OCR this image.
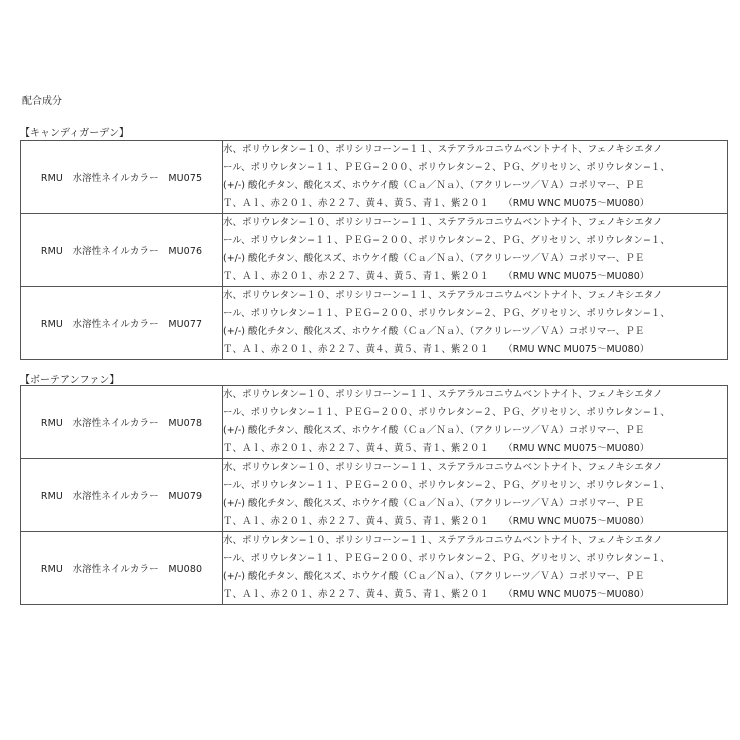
配合成分
【キャンディガーデン】
RMU　水溶性ネイルカラー　MU075	水、ポリウレタン−１０、ポリシリコーン−１１、ステアラルコニウムベントナイト、フェノキシエタノ
ール、ポリウレタン−１１、ＰＥＧ−２００、ポリウレタン−２、ＰＧ、グリセリン、ポリウレタン−１、
(+/-) 酸化チタン、酸化スズ、ホウケイ酸（Ｃａ／Ｎａ）、（アクリレーツ／ＶＡ）コポリマー、ＰＥ
Ｔ、Ａｌ、赤２０１、赤２２７、黄４、黄５、青１、紫２０１　　（RMU WNC MU075〜MU080）

RMU　水溶性ネイルカラー　MU076	水、ポリウレタン−１０、ポリシリコーン−１１、ステアラルコニウムベントナイト、フェノキシエタノ
ール、ポリウレタン−１１、ＰＥＧ−２００、ポリウレタン−２、ＰＧ、グリセリン、ポリウレタン−１、
(+/-) 酸化チタン、酸化スズ、ホウケイ酸（Ｃａ／Ｎａ）、（アクリレーツ／ＶＡ）コポリマー、ＰＥ
Ｔ、Ａｌ、赤２０１、赤２２７、黄４、黄５、青１、紫２０１　　（RMU WNC MU075〜MU080）

RMU　水溶性ネイルカラー　MU077	水、ポリウレタン−１０、ポリシリコーン−１１、ステアラルコニウムベントナイト、フェノキシエタノ
ール、ポリウレタン−１１、ＰＥＧ−２００、ポリウレタン−２、ＰＧ、グリセリン、ポリウレタン−１、
(+/-) 酸化チタン、酸化スズ、ホウケイ酸（Ｃａ／Ｎａ）、（アクリレーツ／ＶＡ）コポリマー、ＰＥ
Ｔ、Ａｌ、赤２０１、赤２２７、黄４、黄５、青１、紫２０１　　（RMU WNC MU075〜MU080）
【ボーテアンファン】
RMU　水溶性ネイルカラー　MU078	水、ポリウレタン−１０、ポリシリコーン−１１、ステアラルコニウムベントナイト、フェノキシエタノ
ール、ポリウレタン−１１、ＰＥＧ−２００、ポリウレタン−２、ＰＧ、グリセリン、ポリウレタン−１、
(+/-) 酸化チタン、酸化スズ、ホウケイ酸（Ｃａ／Ｎａ）、（アクリレーツ／ＶＡ）コポリマー、ＰＥ
Ｔ、Ａｌ、赤２０１、赤２２７、黄４、黄５、青１、紫２０１　　（RMU WNC MU075〜MU080）

RMU　水溶性ネイルカラー　MU079	水、ポリウレタン−１０、ポリシリコーン−１１、ステアラルコニウムベントナイト、フェノキシエタノ
ール、ポリウレタン−１１、ＰＥＧ−２００、ポリウレタン−２、ＰＧ、グリセリン、ポリウレタン−１、
(+/-) 酸化チタン、酸化スズ、ホウケイ酸（Ｃａ／Ｎａ）、（アクリレーツ／ＶＡ）コポリマー、ＰＥ
Ｔ、Ａｌ、赤２０１、赤２２７、黄４、黄５、青１、紫２０１　　（RMU WNC MU075〜MU080）

RMU　水溶性ネイルカラー　MU080	水、ポリウレタン−１０、ポリシリコーン−１１、ステアラルコニウムベントナイト、フェノキシエタノ
ール、ポリウレタン−１１、ＰＥＧ−２００、ポリウレタン−２、ＰＧ、グリセリン、ポリウレタン−１、
(+/-) 酸化チタン、酸化スズ、ホウケイ酸（Ｃａ／Ｎａ）、（アクリレーツ／ＶＡ）コポリマー、ＰＥ
Ｔ、Ａｌ、赤２０１、赤２２７、黄４、黄５、青１、紫２０１　　（RMU WNC MU075〜MU080）
